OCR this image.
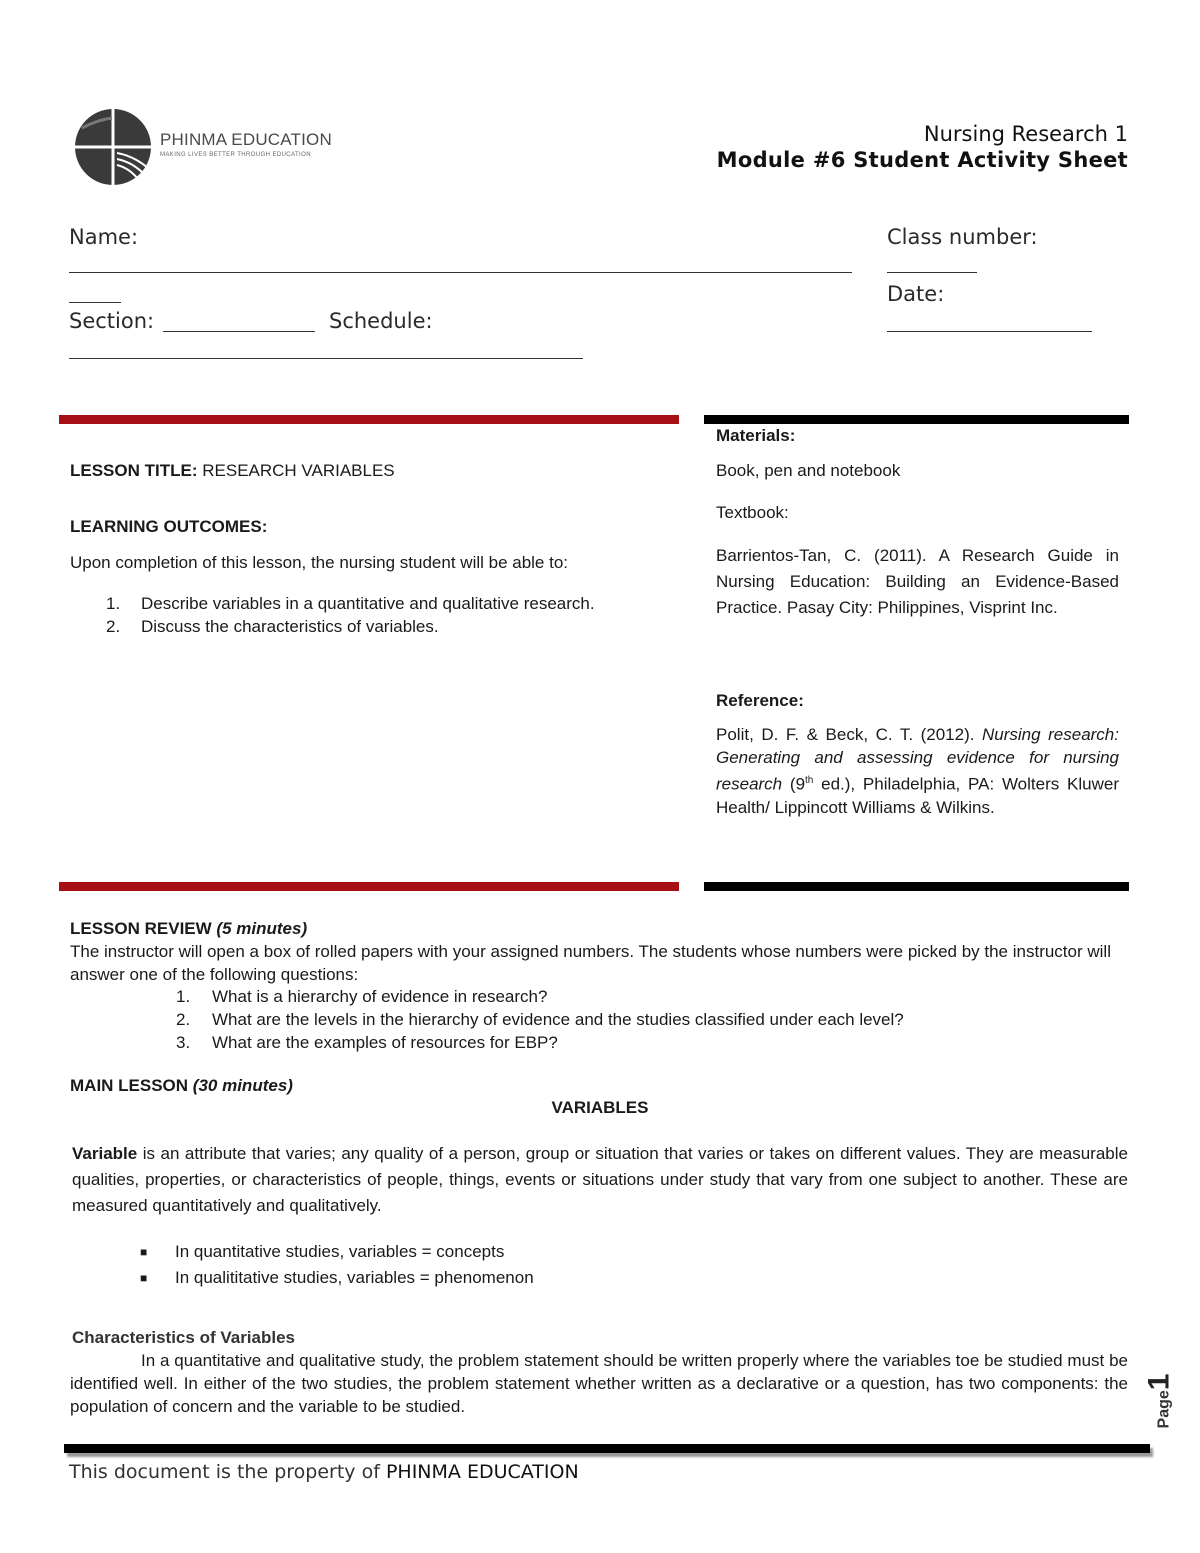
PHINMA EDUCATION
MAKING LIVES BETTER THROUGH EDUCATION
Nursing Research 1
Module #6 Student Activity Sheet
Name:	Class number:
Date:
Section:	Schedule:
LESSON TITLE: RESEARCH VARIABLES
LEARNING OUTCOMES:
Upon completion of this lesson, the nursing student will be able to:
1. Describe variables in a quantitative and qualitative research.
2. Discuss the characteristics of variables.
Materials:
Book, pen and notebook
Textbook:
Barrientos-Tan, C. (2011). A Research Guide in Nursing Education: Building an Evidence-Based Practice. Pasay City: Philippines, Visprint Inc.
Reference:
Polit, D. F. & Beck, C. T. (2012). Nursing research: Generating and assessing evidence for nursing research (9th ed.), Philadelphia, PA: Wolters Kluwer Health/ Lippincott Williams & Wilkins.
LESSON REVIEW (5 minutes)
The instructor will open a box of rolled papers with your assigned numbers. The students whose numbers were picked by the instructor will answer one of the following questions:
1. What is a hierarchy of evidence in research?
2. What are the levels in the hierarchy of evidence and the studies classified under each level?
3. What are the examples of resources for EBP?
MAIN LESSON (30 minutes)
VARIABLES
Variable is an attribute that varies; any quality of a person, group or situation that varies or takes on different values. They are measurable qualities, properties, or characteristics of people, things, events or situations under study that vary from one subject to another. These are measured quantitatively and qualitatively.
■ In quantitative studies, variables = concepts
■ In qualititative studies, variables = phenomenon
Characteristics of Variables
In a quantitative and qualitative study, the problem statement should be written properly where the variables toe be studied must be identified well. In either of the two studies, the problem statement whether written as a declarative or a question, has two components: the population of concern and the variable to be studied.	Page1
This document is the property of PHINMA EDUCATION
